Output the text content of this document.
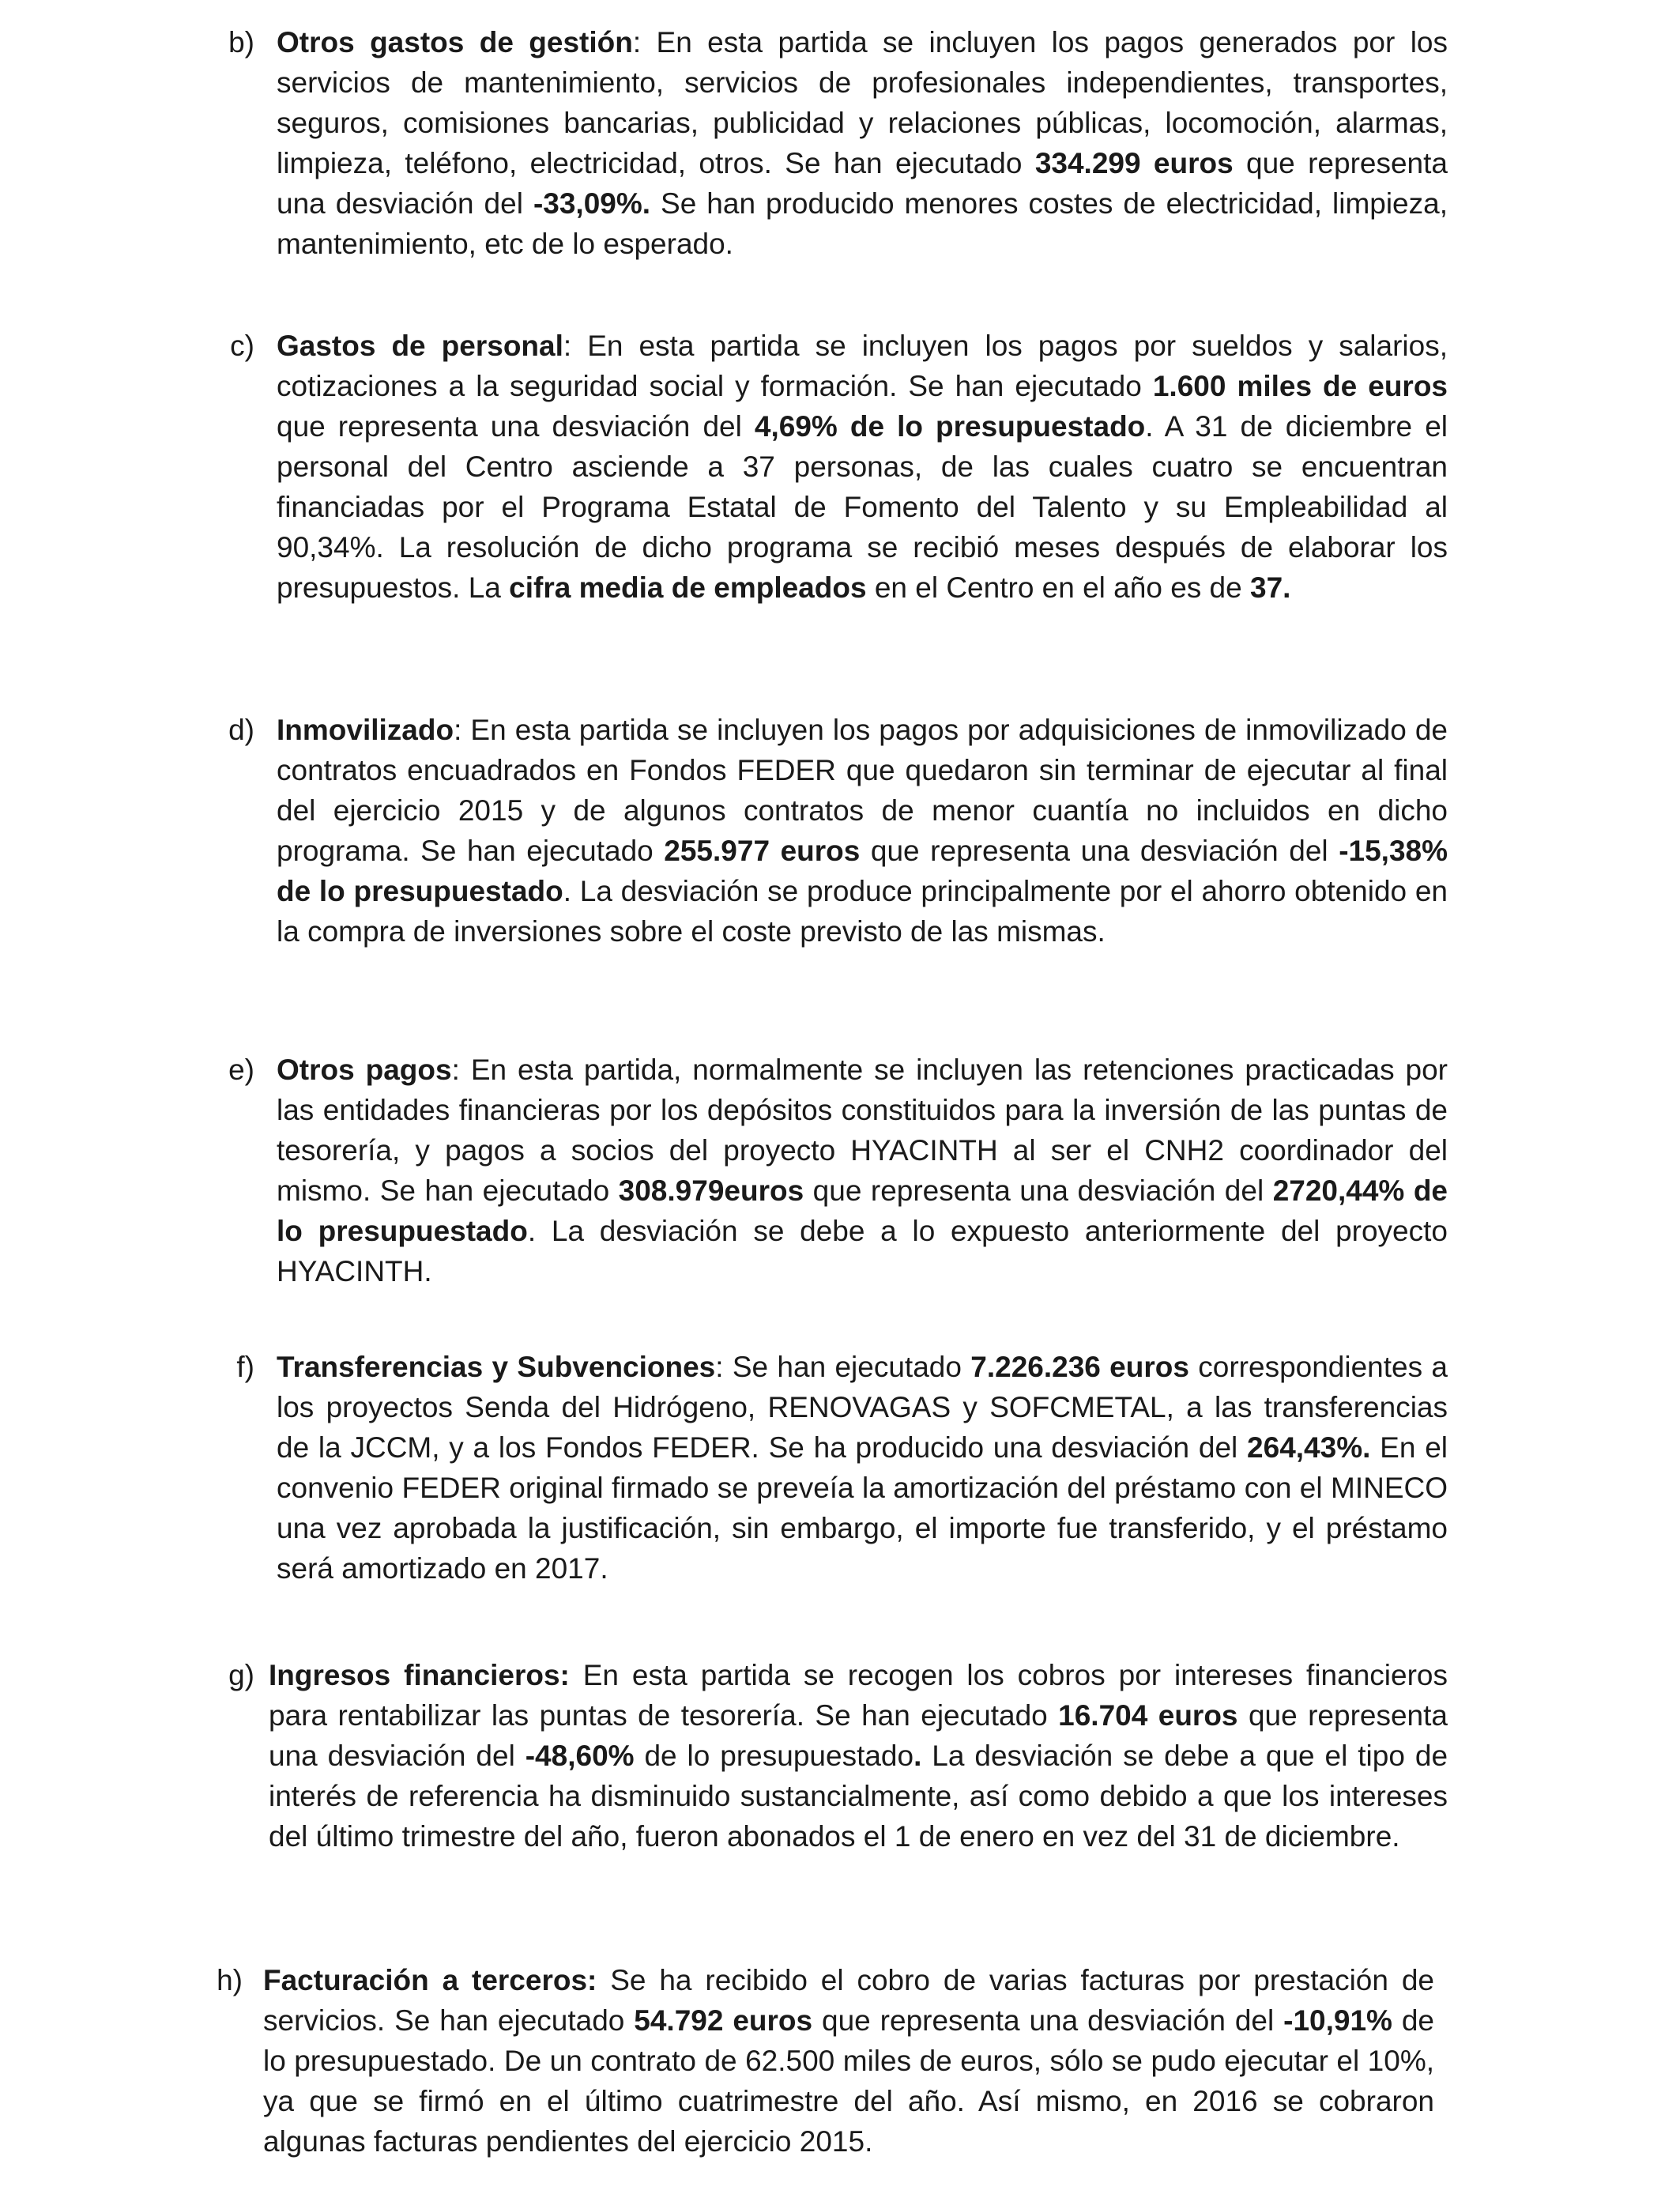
b) Otros gastos de gestión: En esta partida se incluyen los pagos generados por los servicios de mantenimiento, servicios de profesionales independientes, transportes, seguros, comisiones bancarias, publicidad y relaciones públicas, locomoción, alarmas, limpieza, teléfono, electricidad, otros. Se han ejecutado 334.299 euros que representa una desviación del -33,09%. Se han producido menores costes de electricidad, limpieza, mantenimiento, etc de lo esperado.

c) Gastos de personal: En esta partida se incluyen los pagos por sueldos y salarios, cotizaciones a la seguridad social y formación. Se han ejecutado 1.600 miles de euros que representa una desviación del 4,69% de lo presupuestado. A 31 de diciembre el personal del Centro asciende a 37 personas, de las cuales cuatro se encuentran financiadas por el Programa Estatal de Fomento del Talento y su Empleabilidad al 90,34%. La resolución de dicho programa se recibió meses después de elaborar los presupuestos. La cifra media de empleados en el Centro en el año es de 37.

d) Inmovilizado: En esta partida se incluyen los pagos por adquisiciones de inmovilizado de contratos encuadrados en Fondos FEDER que quedaron sin terminar de ejecutar al final del ejercicio 2015 y de algunos contratos de menor cuantía no incluidos en dicho programa. Se han ejecutado 255.977 euros que representa una desviación del -15,38% de lo presupuestado. La desviación se produce principalmente por el ahorro obtenido en la compra de inversiones sobre el coste previsto de las mismas.

e) Otros pagos: En esta partida, normalmente se incluyen las retenciones practicadas por las entidades financieras por los depósitos constituidos para la inversión de las puntas de tesorería, y pagos a socios del proyecto HYACINTH al ser el CNH2 coordinador del mismo. Se han ejecutado 308.979euros que representa una desviación del 2720,44% de lo presupuestado. La desviación se debe a lo expuesto anteriormente del proyecto HYACINTH.

f) Transferencias y Subvenciones: Se han ejecutado 7.226.236 euros correspondientes a los proyectos Senda del Hidrógeno, RENOVAGAS y SOFCMETAL, a las transferencias de la JCCM, y a los Fondos FEDER. Se ha producido una desviación del 264,43%. En el convenio FEDER original firmado se preveía la amortización del préstamo con el MINECO una vez aprobada la justificación, sin embargo, el importe fue transferido, y el préstamo será amortizado en 2017.

g) Ingresos financieros: En esta partida se recogen los cobros por intereses financieros para rentabilizar las puntas de tesorería. Se han ejecutado 16.704 euros que representa una desviación del -48,60% de lo presupuestado. La desviación se debe a que el tipo de interés de referencia ha disminuido sustancialmente, así como debido a que los intereses del último trimestre del año, fueron abonados el 1 de enero en vez del 31 de diciembre.

h) Facturación a terceros: Se ha recibido el cobro de varias facturas por prestación de servicios. Se han ejecutado 54.792 euros que representa una desviación del -10,91% de lo presupuestado. De un contrato de 62.500 miles de euros, sólo se pudo ejecutar el 10%, ya que se firmó en el último cuatrimestre del año. Así mismo, en 2016 se cobraron algunas facturas pendientes del ejercicio 2015.
